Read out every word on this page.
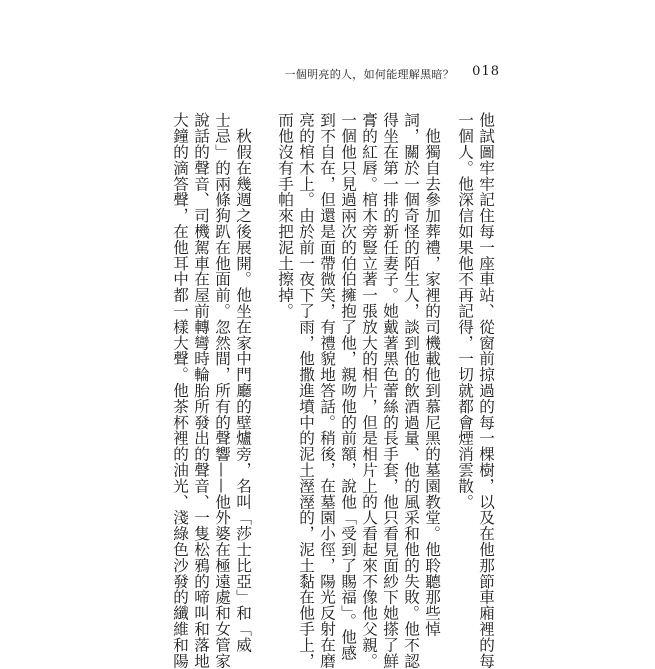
一個明亮的人，如何能理解黑暗？ 018
他試圖牢牢記住每一座車站、從窗前掠過的每一棵樹，以及在他那節車廂裡的每
一個人。他深信如果他不再記得，一切就都會煙消雲散。
　他獨自去參加葬禮，家裡的司機載他到慕尼黑的墓園教堂。他聆聽那些悼
詞，關於一個奇怪的陌生人，談到他的飲酒過量、他的風采和他的失敗。他不認
得坐在第一排的新任妻子。她戴著黑色蕾絲的長手套，他只看見面紗下她搽了鮮
膏的紅唇。棺木旁豎立著一張放大的相片，但是相片上的人看起來不像他父親。
一個他只見過兩次的伯伯擁抱了他，親吻他的前額，說他「受到了賜福」。他感
到不自在，但還是面帶微笑，有禮貌地答話。稍後，在墓園小徑，陽光反射在磨
亮的棺木上。由於前一夜下了雨，他撒進墳中的泥土溼溼的，泥土黏在他手上，
而他沒有手帕來把泥土擦掉。
　秋假在幾週之後展開。他坐在家中門廳的壁爐旁，名叫「莎士比亞」和「威
士忌」的兩條狗趴在他面前。忽然間，所有的聲響——他外婆在極遠處和女管家
說話的聲音、司機駕車在屋前轉彎時輪胎所發出的聲音、一隻松鴉的啼叫和落地
大鐘的滴答聲，在他耳中都一樣大聲。他茶杯裡的油光、淺綠色沙發的纖維和陽
